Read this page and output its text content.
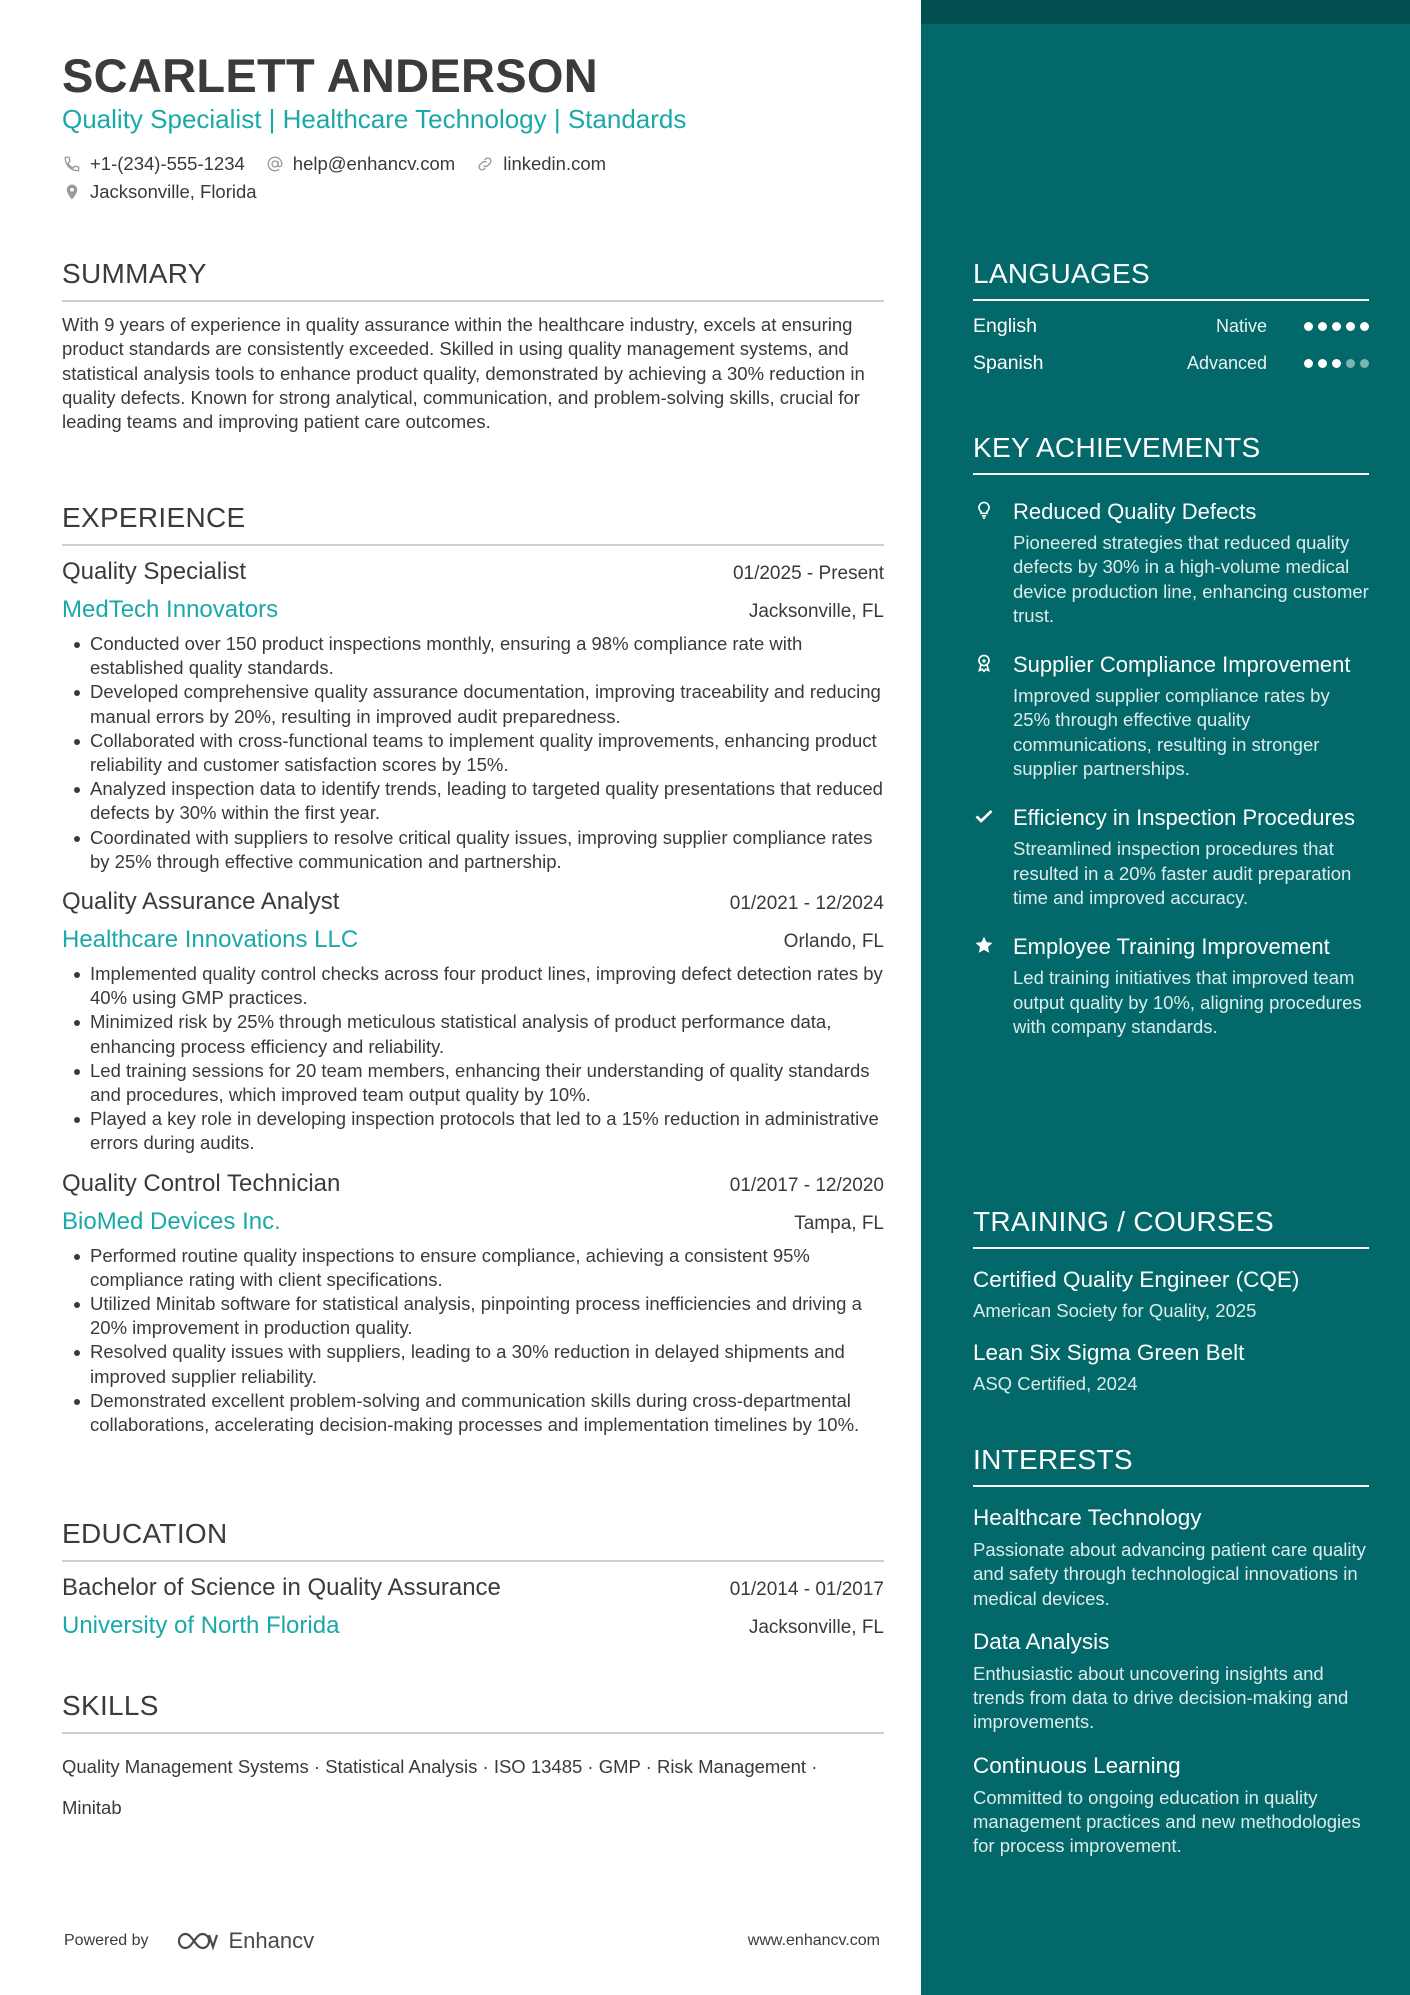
SCARLETT ANDERSON
Quality Specialist | Healthcare Technology | Standards
+1-(234)-555-1234	help@enhancv.com	linkedin.com
Jacksonville, Florida
SUMMARY
With 9 years of experience in quality assurance within the healthcare industry, excels at ensuring product standards are consistently exceeded. Skilled in using quality management systems, and statistical analysis tools to enhance product quality, demonstrated by achieving a 30% reduction in quality defects. Known for strong analytical, communication, and problem-solving skills, crucial for leading teams and improving patient care outcomes.
EXPERIENCE
Quality Specialist	01/2025 - Present
MedTech Innovators	Jacksonville, FL
Conducted over 150 product inspections monthly, ensuring a 98% compliance rate with established quality standards.
Developed comprehensive quality assurance documentation, improving traceability and reducing manual errors by 20%, resulting in improved audit preparedness.
Collaborated with cross-functional teams to implement quality improvements, enhancing product reliability and customer satisfaction scores by 15%.
Analyzed inspection data to identify trends, leading to targeted quality presentations that reduced defects by 30% within the first year.
Coordinated with suppliers to resolve critical quality issues, improving supplier compliance rates by 25% through effective communication and partnership.
Quality Assurance Analyst	01/2021 - 12/2024
Healthcare Innovations LLC	Orlando, FL
Implemented quality control checks across four product lines, improving defect detection rates by 40% using GMP practices.
Minimized risk by 25% through meticulous statistical analysis of product performance data, enhancing process efficiency and reliability.
Led training sessions for 20 team members, enhancing their understanding of quality standards and procedures, which improved team output quality by 10%.
Played a key role in developing inspection protocols that led to a 15% reduction in administrative errors during audits.
Quality Control Technician	01/2017 - 12/2020
BioMed Devices Inc.	Tampa, FL
Performed routine quality inspections to ensure compliance, achieving a consistent 95% compliance rating with client specifications.
Utilized Minitab software for statistical analysis, pinpointing process inefficiencies and driving a 20% improvement in production quality.
Resolved quality issues with suppliers, leading to a 30% reduction in delayed shipments and improved supplier reliability.
Demonstrated excellent problem-solving and communication skills during cross-departmental collaborations, accelerating decision-making processes and implementation timelines by 10%.
EDUCATION
Bachelor of Science in Quality Assurance	01/2014 - 01/2017
University of North Florida	Jacksonville, FL
SKILLS
Quality Management Systems · Statistical Analysis · ISO 13485 · GMP · Risk Management ·
Minitab
Powered by	Enhancv	www.enhancv.com
LANGUAGES
English	Native
Spanish	Advanced
KEY ACHIEVEMENTS
Reduced Quality Defects
Pioneered strategies that reduced quality defects by 30% in a high-volume medical device production line, enhancing customer trust.
Supplier Compliance Improvement
Improved supplier compliance rates by 25% through effective quality communications, resulting in stronger supplier partnerships.
Efficiency in Inspection Procedures
Streamlined inspection procedures that resulted in a 20% faster audit preparation time and improved accuracy.
Employee Training Improvement
Led training initiatives that improved team output quality by 10%, aligning procedures with company standards.
TRAINING / COURSES
Certified Quality Engineer (CQE)
American Society for Quality, 2025
Lean Six Sigma Green Belt
ASQ Certified, 2024
INTERESTS
Healthcare Technology
Passionate about advancing patient care quality and safety through technological innovations in medical devices.
Data Analysis
Enthusiastic about uncovering insights and trends from data to drive decision-making and improvements.
Continuous Learning
Committed to ongoing education in quality management practices and new methodologies for process improvement.
